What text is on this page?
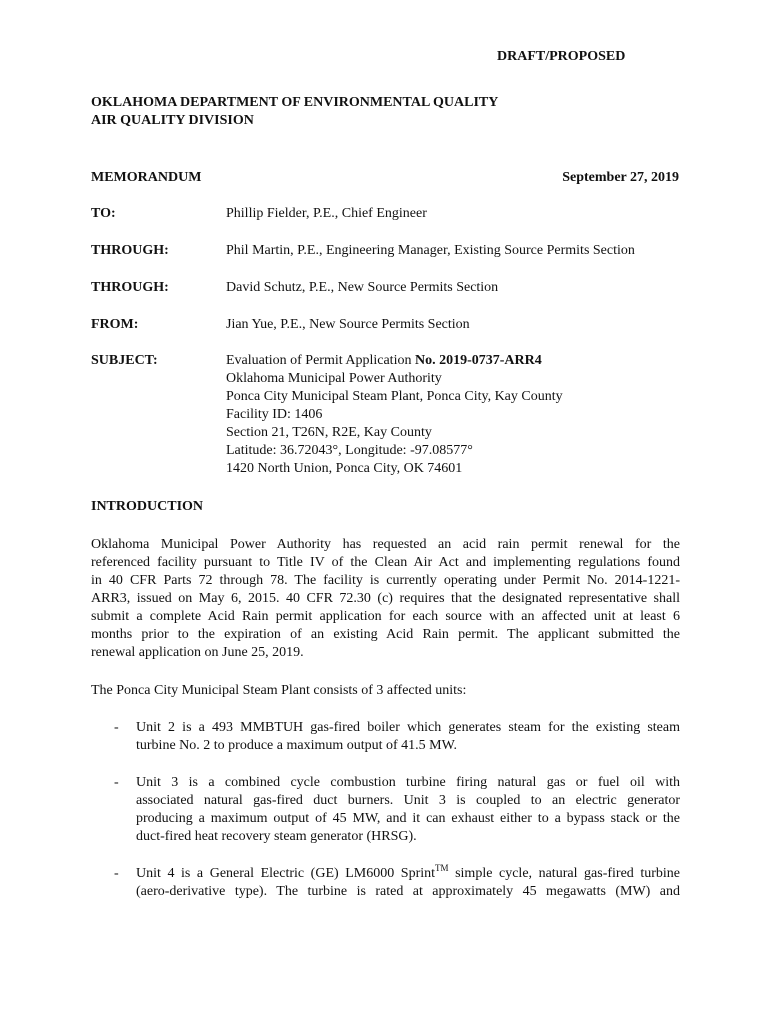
DRAFT/PROPOSED
OKLAHOMA DEPARTMENT OF ENVIRONMENTAL QUALITY
AIR QUALITY DIVISION
MEMORANDUM	September 27, 2019
TO:	Phillip Fielder, P.E., Chief Engineer
THROUGH:	Phil Martin, P.E., Engineering Manager, Existing Source Permits Section
THROUGH:	David Schutz, P.E., New Source Permits Section
FROM:	Jian Yue, P.E., New Source Permits Section
SUBJECT:	Evaluation of Permit Application No. 2019-0737-ARR4
Oklahoma Municipal Power Authority
Ponca City Municipal Steam Plant, Ponca City, Kay County
Facility ID: 1406
Section 21, T26N, R2E, Kay County
Latitude: 36.72043°, Longitude: -97.08577°
1420 North Union, Ponca City, OK 74601
INTRODUCTION
Oklahoma Municipal Power Authority has requested an acid rain permit renewal for the
referenced facility pursuant to Title IV of the Clean Air Act and implementing regulations found
in 40 CFR Parts 72 through 78. The facility is currently operating under Permit No. 2014-1221-
ARR3, issued on May 6, 2015. 40 CFR 72.30 (c) requires that the designated representative shall
submit a complete Acid Rain permit application for each source with an affected unit at least 6
months prior to the expiration of an existing Acid Rain permit. The applicant submitted the
renewal application on June 25, 2019.
The Ponca City Municipal Steam Plant consists of 3 affected units:
- Unit 2 is a 493 MMBTUH gas-fired boiler which generates steam for the existing steam
turbine No. 2 to produce a maximum output of 41.5 MW.
- Unit 3 is a combined cycle combustion turbine firing natural gas or fuel oil with
associated natural gas-fired duct burners. Unit 3 is coupled to an electric generator
producing a maximum output of 45 MW, and it can exhaust either to a bypass stack or the
duct-fired heat recovery steam generator (HRSG).
- Unit 4 is a General Electric (GE) LM6000 Sprint™ simple cycle, natural gas-fired turbine
(aero-derivative type). The turbine is rated at approximately 45 megawatts (MW) and
